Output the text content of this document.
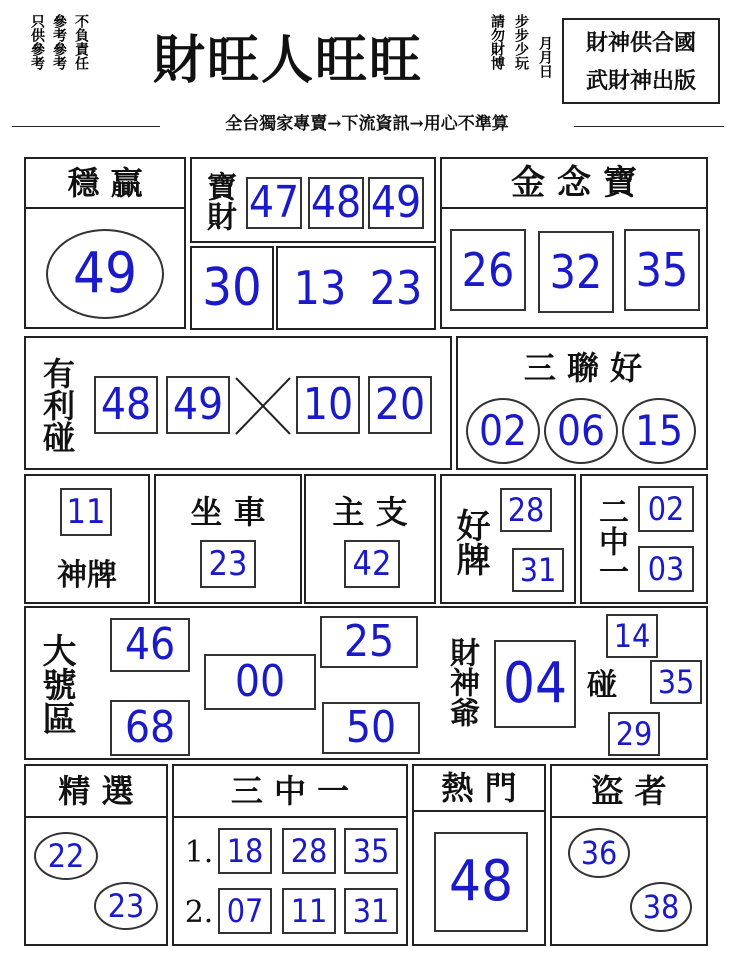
只供參考 參考參考 不負責任	財旺人旺旺	請勿財博 步步少玩 月月日	財神供合國
武財神出版
全台獨家專賣→下流資訊→用心不準算
穩 贏
49
寶財 47 48 49
30 13 23
金 念 寶
26 32 35
有利碰 48 49 10 20
三 聯 好
02 06 15
11
神牌
坐 車
23
主 支
42 好牌 28
31 二中一 02
03
大號區	46
68
00
25
50
財神爺 04 碰
14
35
29
精 選
22
23
三 中 一
1. 18 28 35
2. 07 11 31
熱 門
48
盜 者
36
38
